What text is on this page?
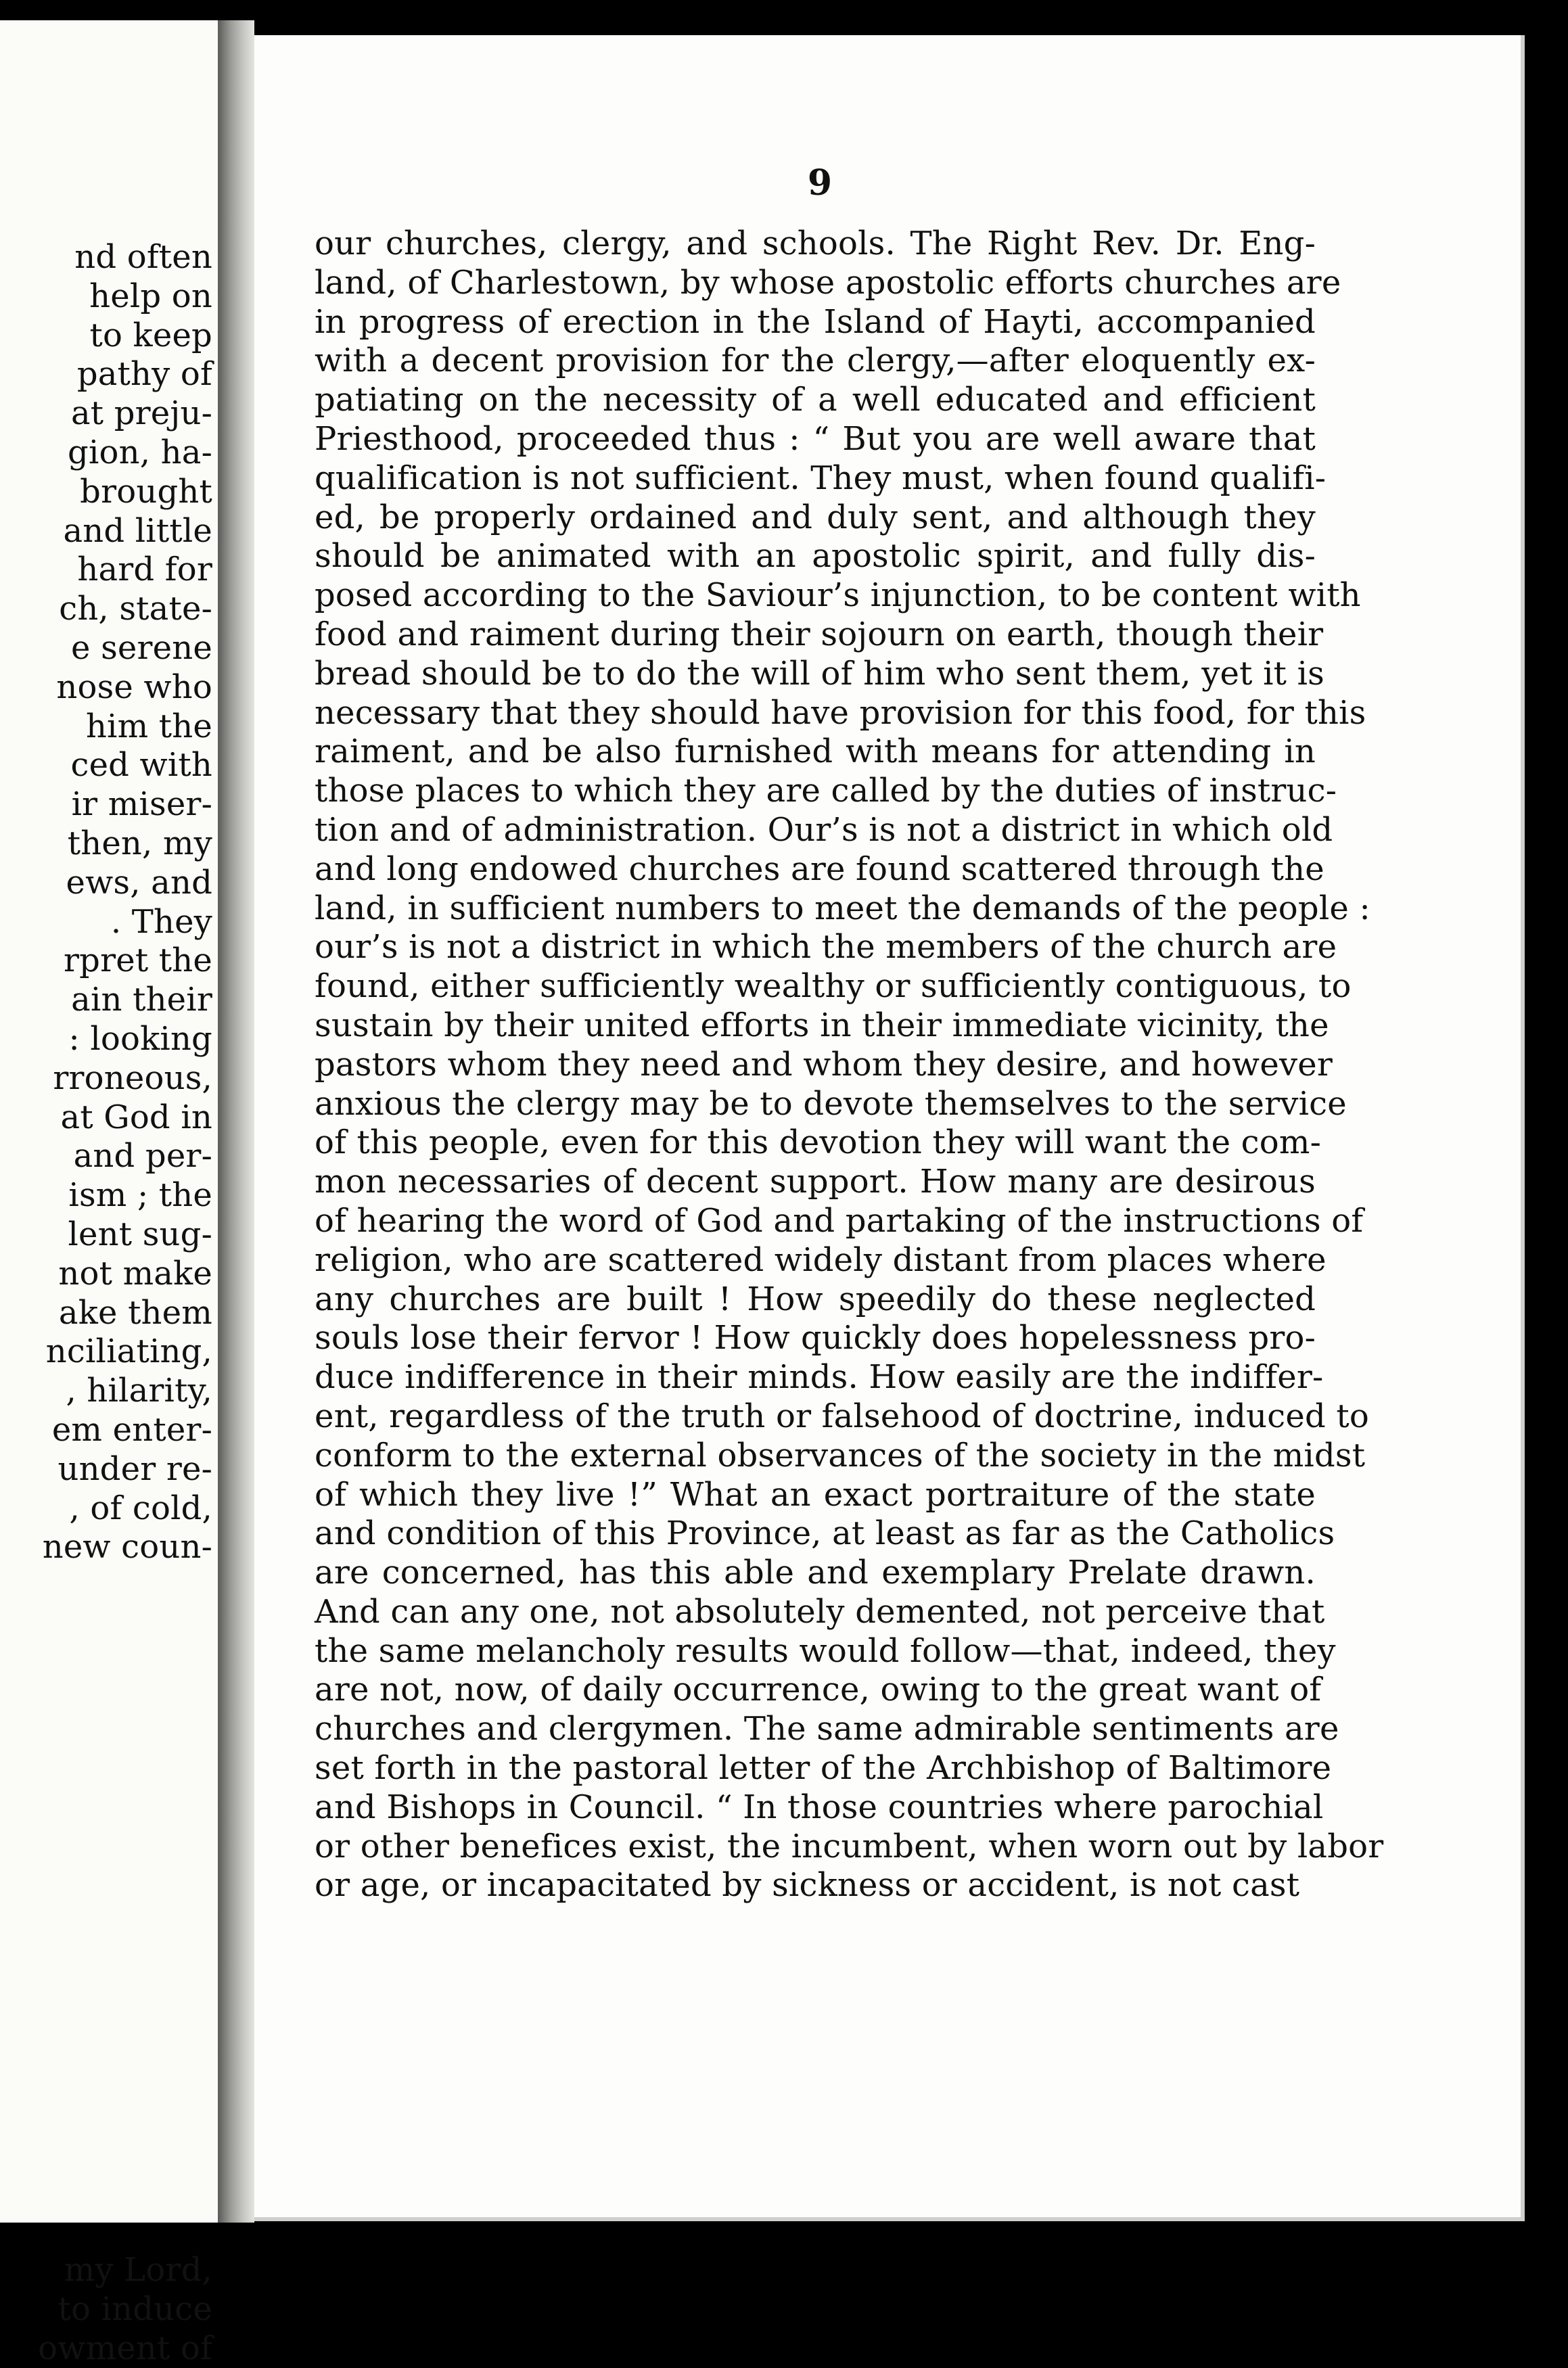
nd often
help on
to keep
pathy of
at preju-
gion, ha-
brought
and little
hard for
ch, state-
e serene
nose who
him the
ced with
ir miser-
then, my
ews, and
. They
rpret the
ain their
: looking
rroneous,
at God in
and per-
ism ; the
lent sug-
not make
ake them
nciliating,
, hilarity,
em enter-
under re-
, of cold,
new coun-
my Lord,
to induce
owment of
9
our churches, clergy, and schools. The Right Rev. Dr. Eng-
land, of Charlestown, by whose apostolic efforts churches are
in progress of erection in the Island of Hayti, accompanied
with a decent provision for the clergy,—after eloquently ex-
patiating on the necessity of a well educated and efficient
Priesthood, proceeded thus : “ But you are well aware that
qualification is not sufficient. They must, when found qualifi-
ed, be properly ordained and duly sent, and although they
should be animated with an apostolic spirit, and fully dis-
posed according to the Saviour’s injunction, to be content with
food and raiment during their sojourn on earth, though their
bread should be to do the will of him who sent them, yet it is
necessary that they should have provision for this food, for this
raiment, and be also furnished with means for attending in
those places to which they are called by the duties of instruc-
tion and of administration. Our’s is not a district in which old
and long endowed churches are found scattered through the
land, in sufficient numbers to meet the demands of the people :
our’s is not a district in which the members of the church are
found, either sufficiently wealthy or sufficiently contiguous, to
sustain by their united efforts in their immediate vicinity, the
pastors whom they need and whom they desire, and however
anxious the clergy may be to devote themselves to the service
of this people, even for this devotion they will want the com-
mon necessaries of decent support. How many are desirous
of hearing the word of God and partaking of the instructions of
religion, who are scattered widely distant from places where
any churches are built ! How speedily do these neglected
souls lose their fervor ! How quickly does hopelessness pro-
duce indifference in their minds. How easily are the indiffer-
ent, regardless of the truth or falsehood of doctrine, induced to
conform to the external observances of the society in the midst
of which they live !” What an exact portraiture of the state
and condition of this Province, at least as far as the Catholics
are concerned, has this able and exemplary Prelate drawn.
And can any one, not absolutely demented, not perceive that
the same melancholy results would follow—that, indeed, they
are not, now, of daily occurrence, owing to the great want of
churches and clergymen. The same admirable sentiments are
set forth in the pastoral letter of the Archbishop of Baltimore
and Bishops in Council. “ In those countries where parochial
or other benefices exist, the incumbent, when worn out by labor
or age, or incapacitated by sickness or accident, is not cast
